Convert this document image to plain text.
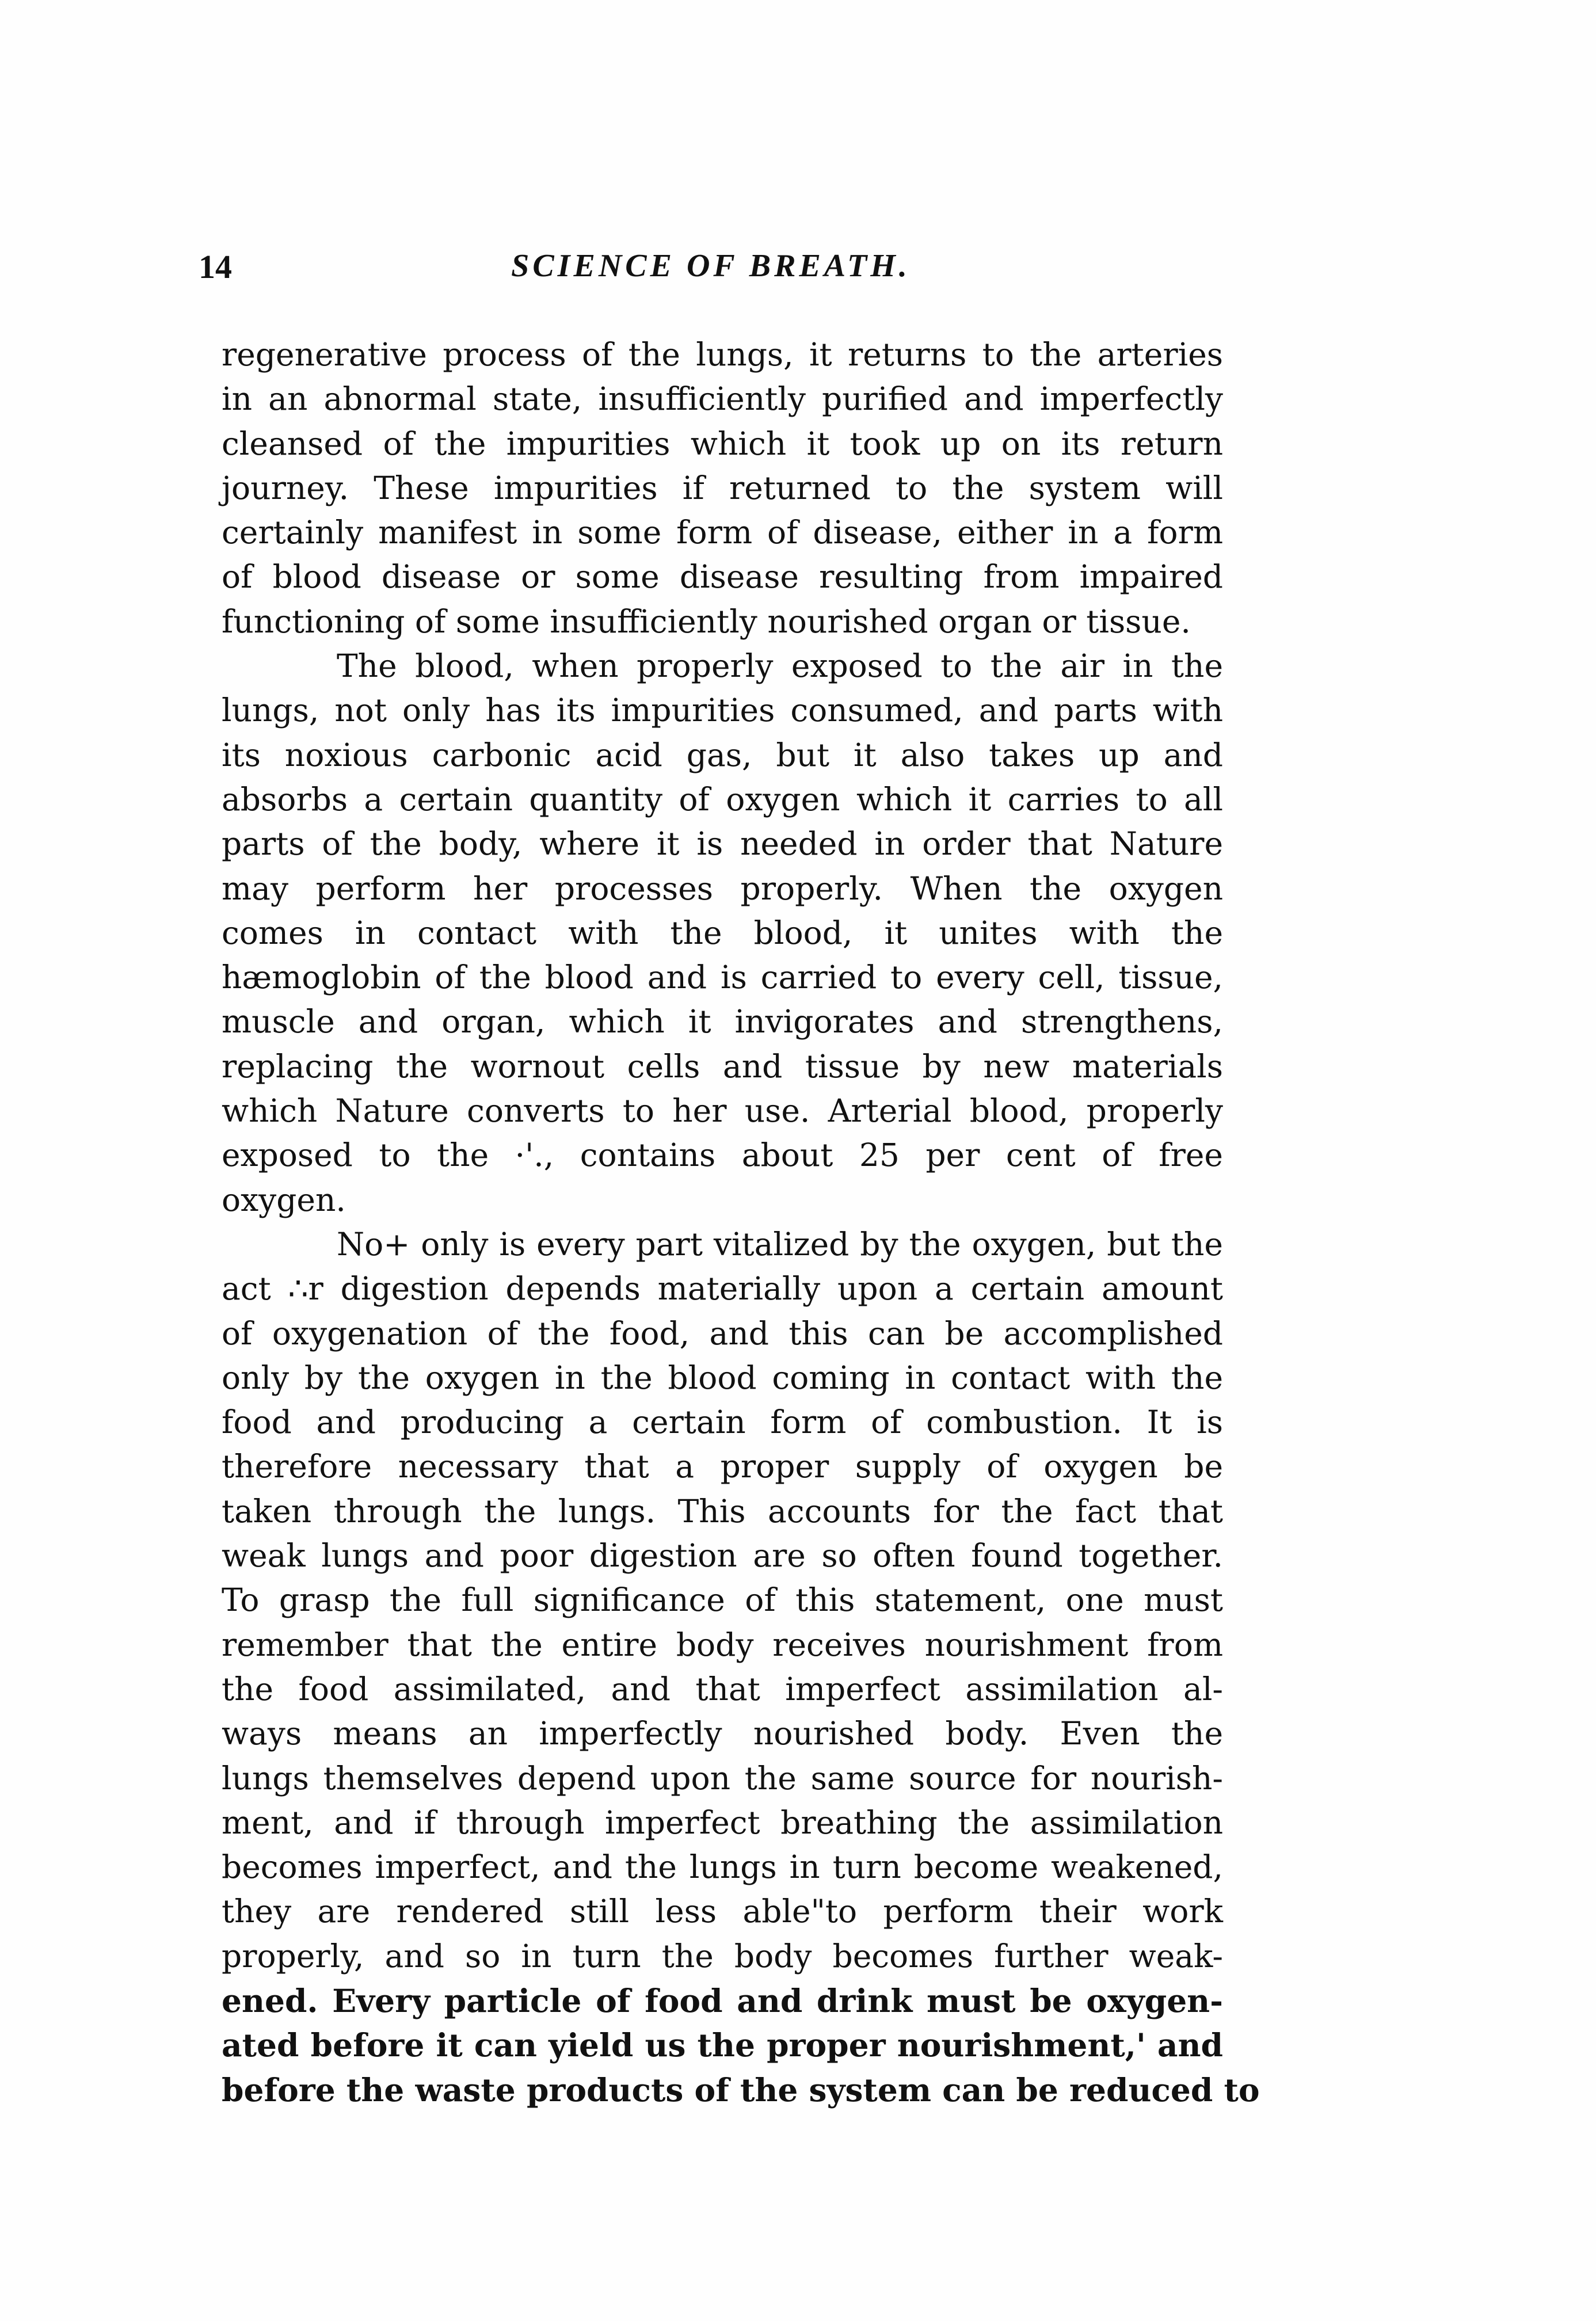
14	SCIENCE OF BREATH.
regenerative process of the lungs, it returns to the arteries
in an abnormal state, insufficiently purified and imperfectly
cleansed of the impurities which it took up on its return
journey. These impurities if returned to the system will
certainly manifest in some form of disease, either in a form
of blood disease or some disease resulting from impaired
functioning of some insufficiently nourished organ or tissue.
The blood, when properly exposed to the air in the
lungs, not only has its impurities consumed, and parts with
its noxious carbonic acid gas, but it also takes up and
absorbs a certain quantity of oxygen which it carries to all
parts of the body, where it is needed in order that Nature
may perform her processes properly. When the oxygen
comes in contact with the blood, it unites with the
hæmoglobin of the blood and is carried to every cell, tissue,
muscle and organ, which it invigorates and strengthens,
replacing the wornout cells and tissue by new materials
which Nature converts to her use. Arterial blood, properly
exposed to the ·'., contains about 25 per cent of free
oxygen.
No+ only is every part vitalized by the oxygen, but the
act ∴r digestion depends materially upon a certain amount
of oxygenation of the food, and this can be accomplished
only by the oxygen in the blood coming in contact with the
food and producing a certain form of combustion. It is
therefore necessary that a proper supply of oxygen be
taken through the lungs. This accounts for the fact that
weak lungs and poor digestion are so often found together.
To grasp the full significance of this statement, one must
remember that the entire body receives nourishment from
the food assimilated, and that imperfect assimilation al-
ways means an imperfectly nourished body. Even the
lungs themselves depend upon the same source for nourish-
ment, and if through imperfect breathing the assimilation
becomes imperfect, and the lungs in turn become weakened,
they are rendered still less able"to perform their work
properly, and so in turn the body becomes further weak-
ened. Every particle of food and drink must be oxygen-
ated before it can yield us the proper nourishment,' and
before the waste products of the system can be reduced to
